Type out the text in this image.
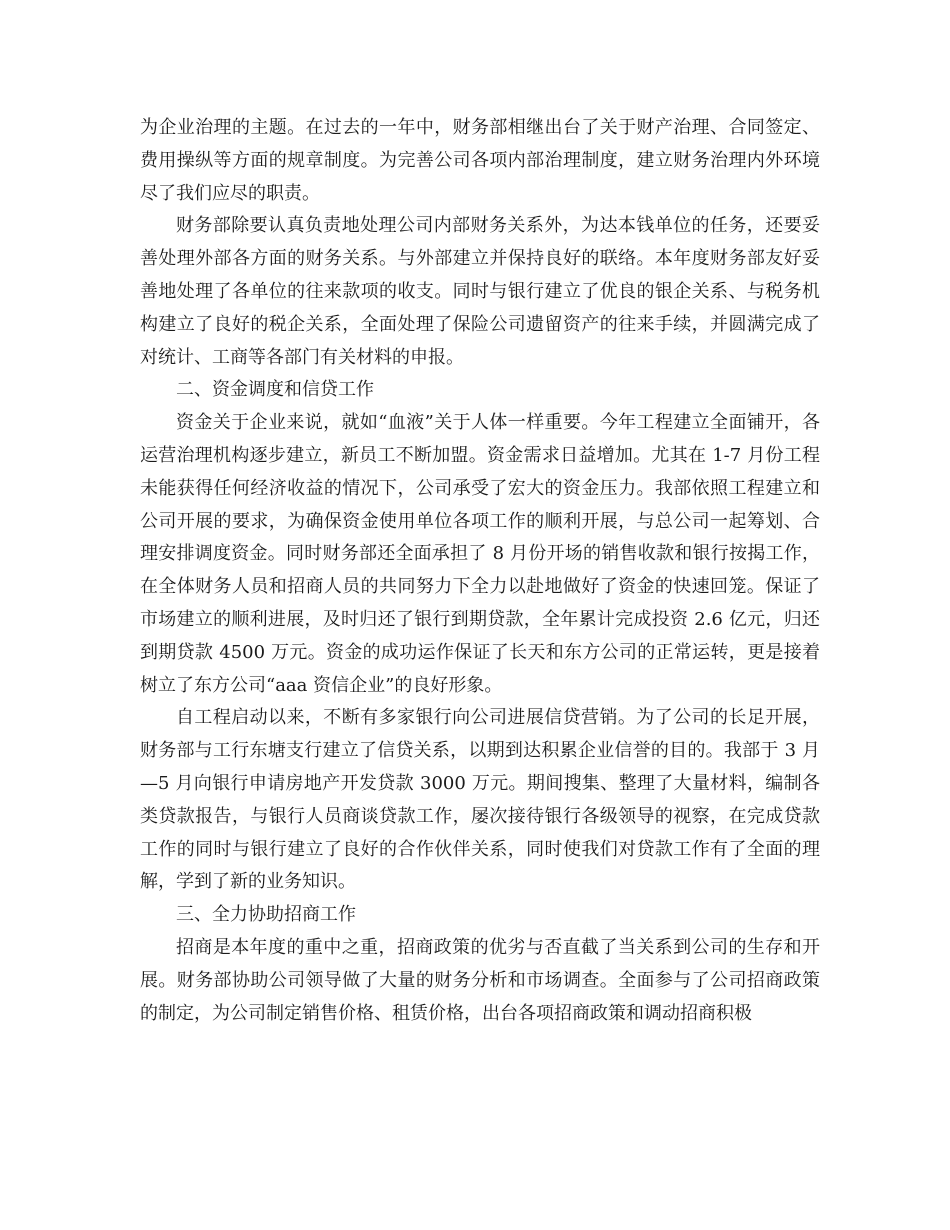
为企业治理的主题。在过去的一年中，财务部相继出台了关于财产治理、合同签定、费用操纵等方面的规章制度。为完善公司各项内部治理制度，建立财务治理内外环境尽了我们应尽的职责。

财务部除要认真负责地处理公司内部财务关系外，为达本钱单位的任务，还要妥善处理外部各方面的财务关系。与外部建立并保持良好的联络。本年度财务部友好妥善地处理了各单位的往来款项的收支。同时与银行建立了优良的银企关系、与税务机构建立了良好的税企关系，全面处理了保险公司遗留资产的往来手续，并圆满完成了对统计、工商等各部门有关材料的申报。

二、资金调度和信贷工作

资金关于企业来说，就如“血液”关于人体一样重要。今年工程建立全面铺开，各运营治理机构逐步建立，新员工不断加盟。资金需求日益增加。尤其在 1-7 月份工程未能获得任何经济收益的情况下，公司承受了宏大的资金压力。我部依照工程建立和公司开展的要求，为确保资金使用单位各项工作的顺利开展，与总公司一起筹划、合理安排调度资金。同时财务部还全面承担了 8 月份开场的销售收款和银行按揭工作，在全体财务人员和招商人员的共同努力下全力以赴地做好了资金的快速回笼。保证了市场建立的顺利进展，及时归还了银行到期贷款，全年累计完成投资 2.6 亿元，归还到期贷款 4500 万元。资金的成功运作保证了长天和东方公司的正常运转，更是接着树立了东方公司“aaa 资信企业”的良好形象。

自工程启动以来，不断有多家银行向公司进展信贷营销。为了公司的长足开展，财务部与工行东塘支行建立了信贷关系，以期到达积累企业信誉的目的。我部于 3 月—5 月向银行申请房地产开发贷款 3000 万元。期间搜集、整理了大量材料，编制各类贷款报告，与银行人员商谈贷款工作，屡次接待银行各级领导的视察，在完成贷款工作的同时与银行建立了良好的合作伙伴关系，同时使我们对贷款工作有了全面的理解，学到了新的业务知识。

三、全力协助招商工作

招商是本年度的重中之重，招商政策的优劣与否直截了当关系到公司的生存和开展。财务部协助公司领导做了大量的财务分析和市场调查。全面参与了公司招商政策的制定，为公司制定销售价格、租赁价格，出台各项招商政策和调动招商积极
